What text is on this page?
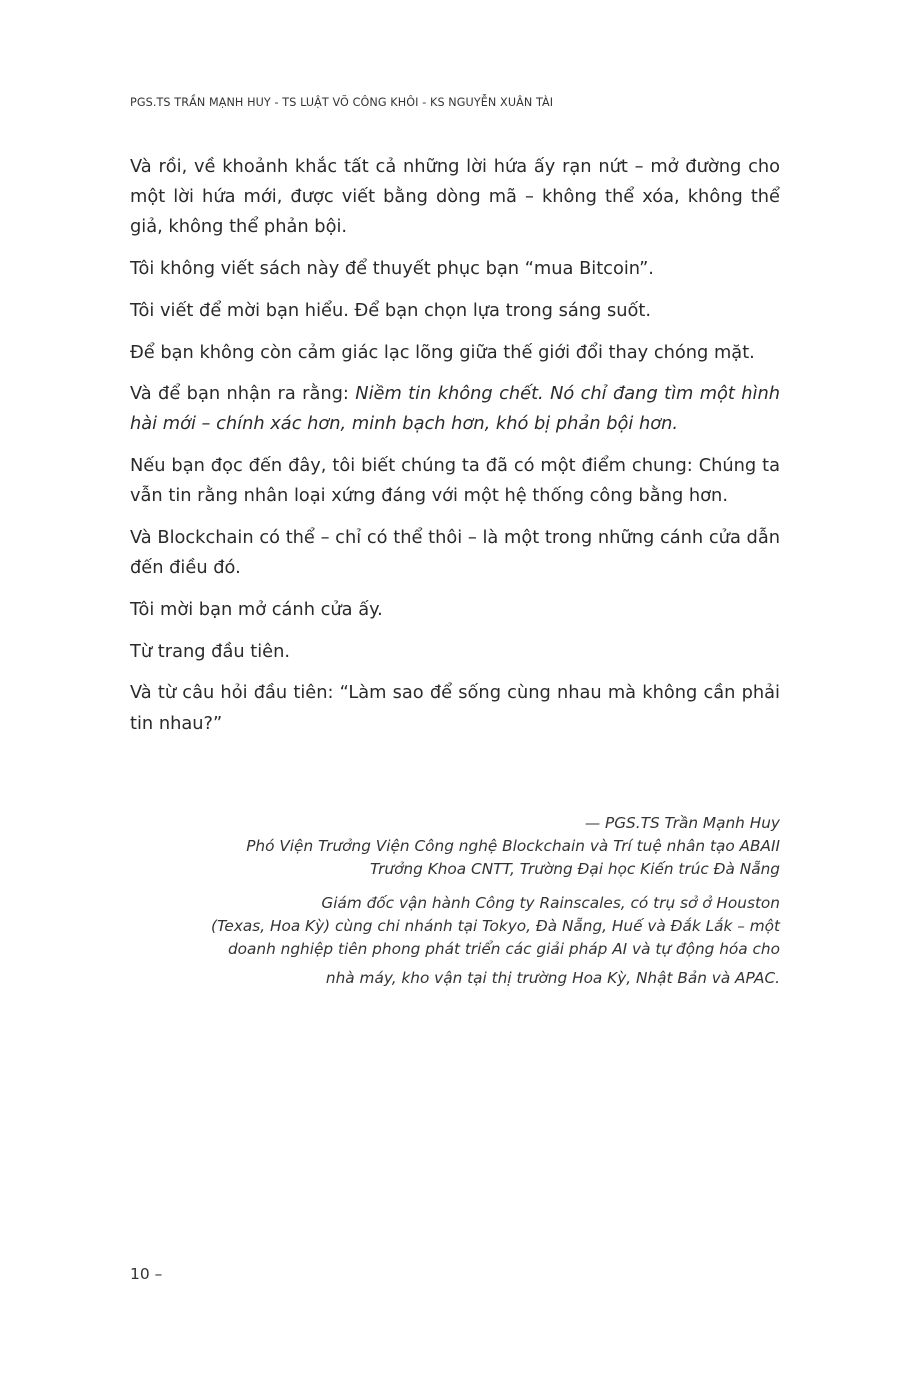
PGS.TS TRẦN MẠNH HUY - TS LUẬT VÕ CÔNG KHÔI - KS NGUYỄN XUÂN TÀI

Và rồi, về khoảnh khắc tất cả những lời hứa ấy rạn nứt – mở đường cho một lời hứa mới, được viết bằng dòng mã – không thể xóa, không thể giả, không thể phản bội.

Tôi không viết sách này để thuyết phục bạn “mua Bitcoin”.

Tôi viết để mời bạn hiểu. Để bạn chọn lựa trong sáng suốt.

Để bạn không còn cảm giác lạc lõng giữa thế giới đổi thay chóng mặt.

Và để bạn nhận ra rằng: Niềm tin không chết. Nó chỉ đang tìm một hình hài mới – chính xác hơn, minh bạch hơn, khó bị phản bội hơn.

Nếu bạn đọc đến đây, tôi biết chúng ta đã có một điểm chung: Chúng ta vẫn tin rằng nhân loại xứng đáng với một hệ thống công bằng hơn.

Và Blockchain có thể – chỉ có thể thôi – là một trong những cánh cửa dẫn đến điều đó.

Tôi mời bạn mở cánh cửa ấy.

Từ trang đầu tiên.

Và từ câu hỏi đầu tiên: “Làm sao để sống cùng nhau mà không cần phải tin nhau?”

— PGS.TS Trần Mạnh Huy
Phó Viện Trưởng Viện Công nghệ Blockchain và Trí tuệ nhân tạo ABAII
Trưởng Khoa CNTT, Trường Đại học Kiến trúc Đà Nẵng
Giám đốc vận hành Công ty Rainscales, có trụ sở ở Houston
(Texas, Hoa Kỳ) cùng chi nhánh tại Tokyo, Đà Nẵng, Huế và Đắk Lắk – một
doanh nghiệp tiên phong phát triển các giải pháp AI và tự động hóa cho
nhà máy, kho vận tại thị trường Hoa Kỳ, Nhật Bản và APAC.
10 –
